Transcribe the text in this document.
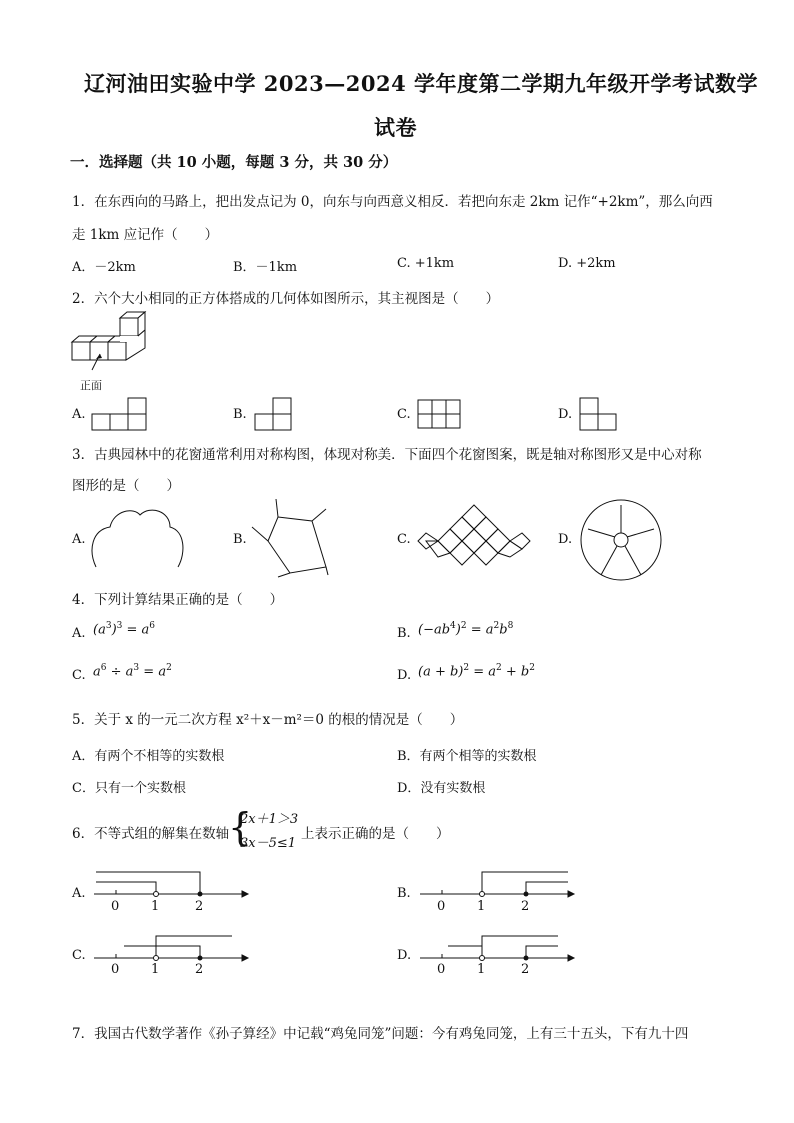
辽河油田实验中学 2023—2024 学年度第二学期九年级开学考试数学
试卷
一．选择题（共 10 小题，每题 3 分，共 30 分）
1．在东西向的马路上，把出发点记为 0，向东与向西意义相反．若把向东走 2km 记作“+2km”，那么向西
走 1km 应记作（　　）
A．－2km	B．－1km	C. +1km	D. +2km
2．六个大小相同的正方体搭成的几何体如图所示，其主视图是（　　）
正面
A.	B.	C.	D.
3．古典园林中的花窗通常利用对称构图，体现对称美．下面四个花窗图案，既是轴对称图形又是中心对称
图形的是（　　）
A.	B.	C.	D.
4．下列计算结果正确的是（　　）
A. $(a^3)^3 = a^6$	B. $(-ab^4)^2 = a^2b^8$
C. $a^6 \div a^3 = a^2$	D. $(a + b)^2 = a^2 + b^2$
5．关于 x 的一元二次方程 x²＋x－m²＝0 的根的情况是（　　）
A．有两个不相等的实数根	B．有两个相等的实数根
C．只有一个实数根	D．没有实数根
6．不等式组的解集在数轴
{
2x＋1＞3
3x－5≤1
上表示正确的是（　　）
A.
0 1	2
B.
0 1	2
C.
0 1	2
D.
0 1	2
7．我国古代数学著作《孙子算经》中记载“鸡兔同笼”问题：今有鸡兔同笼，上有三十五头，下有九十四
